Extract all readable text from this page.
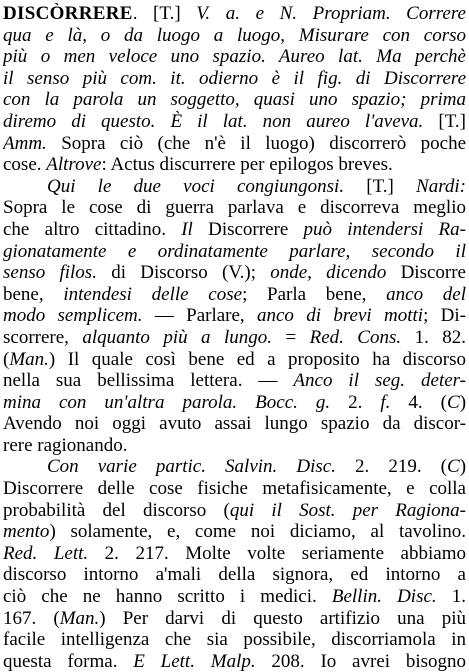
DISCÒRRERE. [T.] V. a. e N. Propriam. Correre
qua e là, o da luogo a luogo, Misurare con corso
più o men veloce uno spazio. Aureo lat. Ma perchè
il senso più com. it. odierno è il fig. di Discorrere
con la parola un soggetto, quasi uno spazio; prima
diremo di questo. È il lat. non aureo l'aveva. [T.]
Amm. Sopra ciò (che n'è il luogo) discorrerò poche
cose. Altrove: Actus discurrere per epilogos breves.
Qui le due voci congiungonsi. [T.] Nardi:
Sopra le cose di guerra parlava e discorreva meglio
che altro cittadino. Il Discorrere può intendersi Ra-
gionatamente e ordinatamente parlare, secondo il
senso filos. di Discorso (V.); onde, dicendo Discorre
bene, intendesi delle cose; Parla bene, anco del
modo semplicem. — Parlare, anco di brevi motti; Di-
scorrere, alquanto più a lungo. = Red. Cons. 1. 82.
(Man.) Il quale così bene ed a proposito ha discorso
nella sua bellissima lettera. — Anco il seg. deter-
mina con un'altra parola. Bocc. g. 2. f. 4. (C)
Avendo noi oggi avuto assai lungo spazio da discor-
rere ragionando.
Con varie partic. Salvin. Disc. 2. 219. (C)
Discorrere delle cose fisiche metafisicamente, e colla
probabilità del discorso (qui il Sost. per Ragiona-
mento) solamente, e, come noi diciamo, al tavolino.
Red. Lett. 2. 217. Molte volte seriamente abbiamo
discorso intorno a'mali della signora, ed intorno a
ciò che ne hanno scritto i medici. Bellin. Disc. 1.
167. (Man.) Per darvi di questo artifizio una più
facile intelligenza che sia possibile, discorriamola in
questa forma. E Lett. Malp. 208. Io avrei bisogno
